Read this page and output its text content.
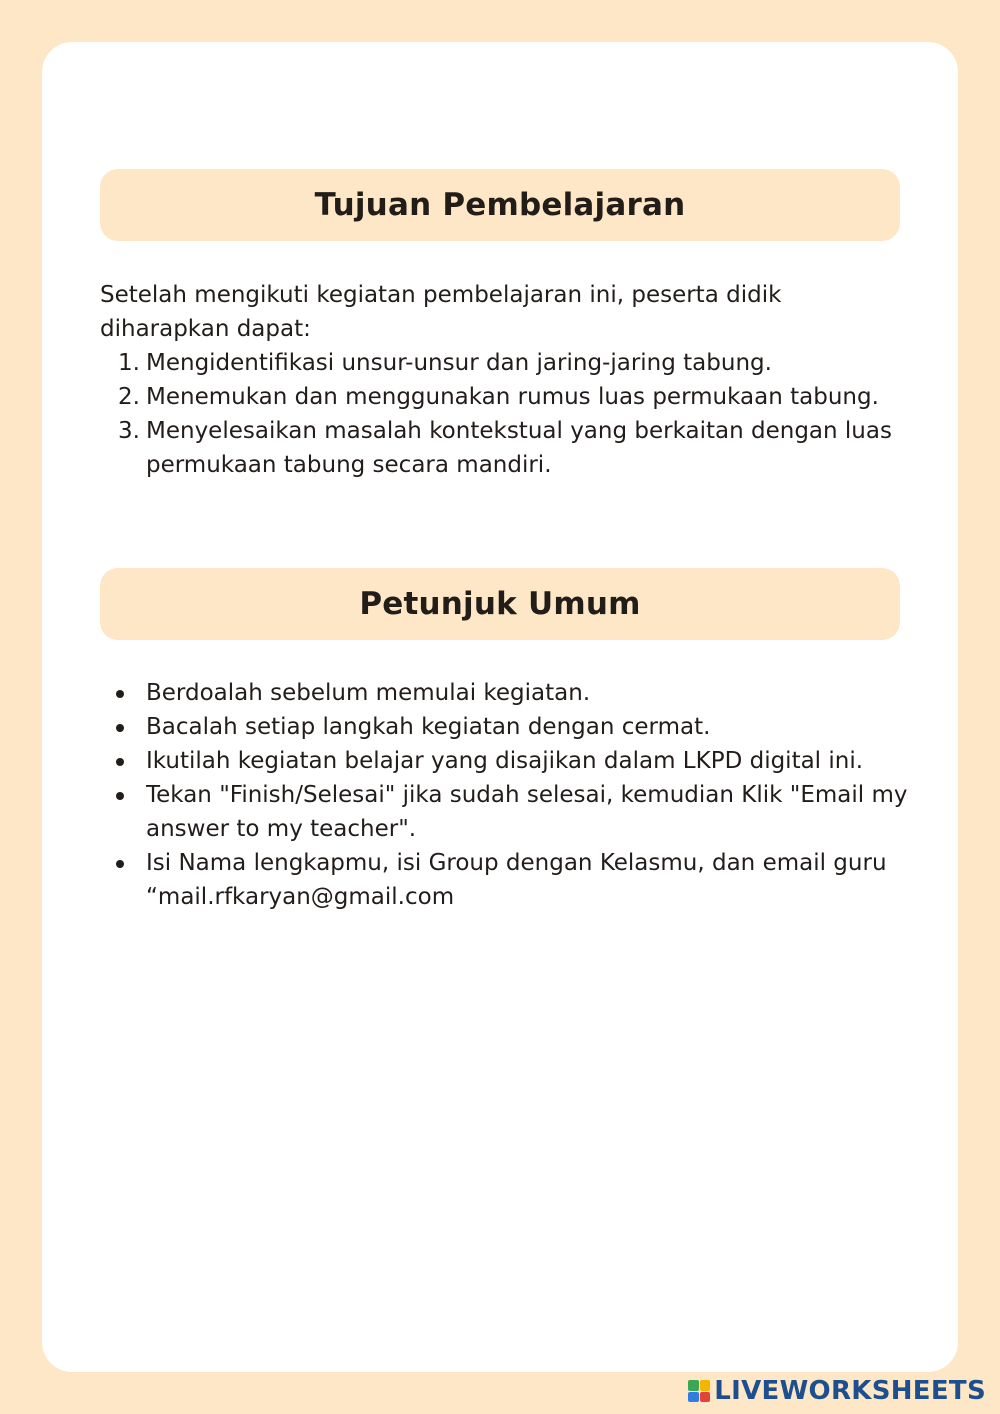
Tujuan Pembelajaran

Setelah mengikuti kegiatan pembelajaran ini, peserta didik diharapkan dapat:

1. Mengidentifikasi unsur-unsur dan jaring-jaring tabung.
2. Menemukan dan menggunakan rumus luas permukaan tabung.
3. Menyelesaikan masalah kontekstual yang berkaitan dengan luas permukaan tabung secara mandiri.
Petunjuk Umum
Berdoalah sebelum memulai kegiatan.
Bacalah setiap langkah kegiatan dengan cermat.
Ikutilah kegiatan belajar yang disajikan dalam LKPD digital ini.
Tekan "Finish/Selesai" jika sudah selesai, kemudian Klik "Email my answer to my teacher".
Isi Nama lengkapmu, isi Group dengan Kelasmu, dan email guru “mail.rfkaryan@gmail.com
LIVEWORKSHEETS
